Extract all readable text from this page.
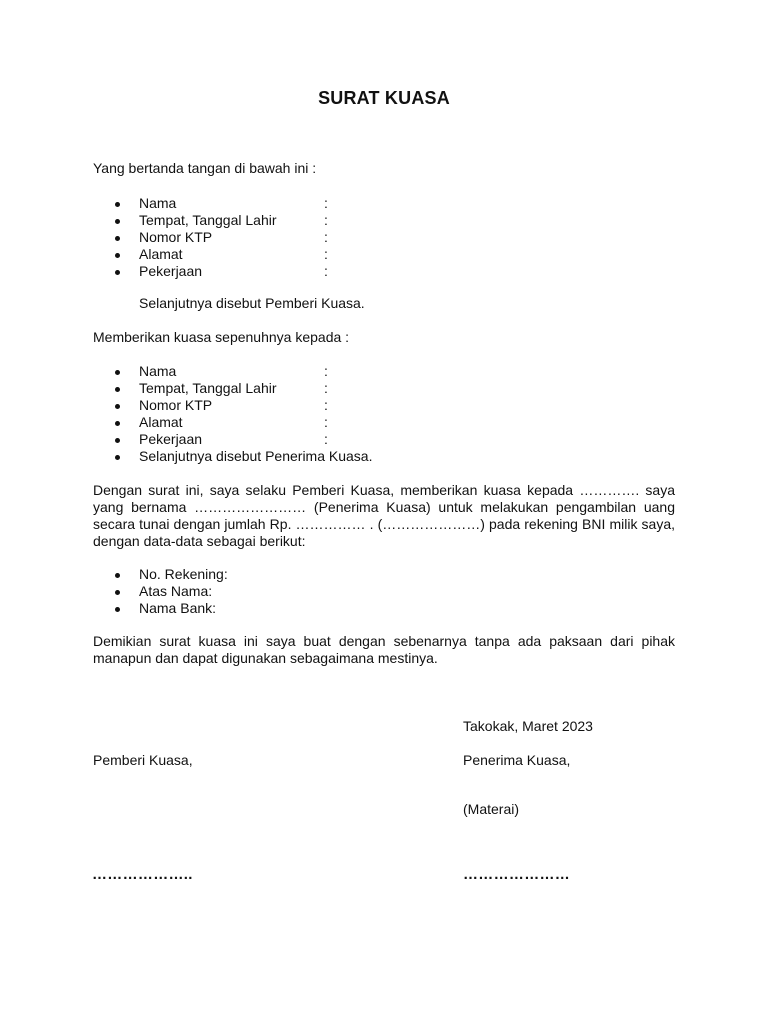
SURAT KUASA
Yang bertanda tangan di bawah ini :
Nama	:
Tempat, Tanggal Lahir	:
Nomor KTP	:
Alamat	:
Pekerjaan	:
Selanjutnya disebut Pemberi Kuasa.
Memberikan kuasa sepenuhnya kepada :
Nama	:
Tempat, Tanggal Lahir	:
Nomor KTP	:
Alamat	:
Pekerjaan	:
Selanjutnya disebut Penerima Kuasa.
Dengan surat ini, saya selaku Pemberi Kuasa, memberikan kuasa kepada …………. saya yang bernama …………………… (Penerima Kuasa) untuk melakukan pengambilan uang secara tunai dengan jumlah Rp. …………… . (…………………) pada rekening BNI milik saya, dengan data-data sebagai berikut:
No. Rekening:
Atas Nama:
Nama Bank:
Demikian surat kuasa ini saya buat dengan sebenarnya tanpa ada paksaan dari pihak manapun dan dapat digunakan sebagaimana mestinya.
Takokak, Maret 2023
Pemberi Kuasa,	Penerima Kuasa,
(Materai)
………………..	…………………
